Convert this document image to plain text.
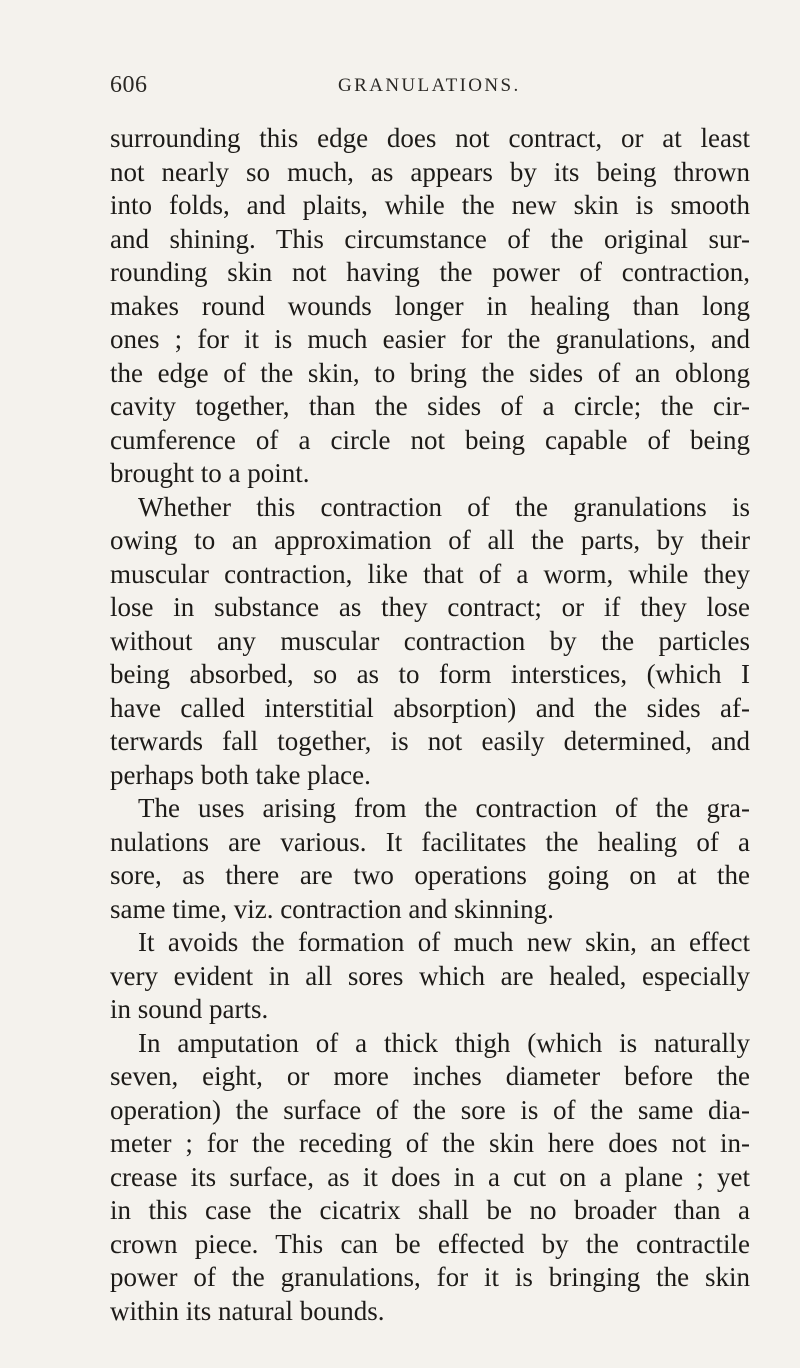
606	GRANULATIONS.
surrounding this edge does not contract, or at least
not nearly so much, as appears by its being thrown
into folds, and plaits, while the new skin is smooth
and shining. This circumstance of the original sur-
rounding skin not having the power of contraction,
makes round wounds longer in healing than long
ones ; for it is much easier for the granulations, and
the edge of the skin, to bring the sides of an oblong
cavity together, than the sides of a circle; the cir-
cumference of a circle not being capable of being
brought to a point.
Whether this contraction of the granulations is
owing to an approximation of all the parts, by their
muscular contraction, like that of a worm, while they
lose in substance as they contract; or if they lose
without any muscular contraction by the particles
being absorbed, so as to form interstices, (which I
have called interstitial absorption) and the sides af-
terwards fall together, is not easily determined, and
perhaps both take place.
The uses arising from the contraction of the gra-
nulations are various. It facilitates the healing of a
sore, as there are two operations going on at the
same time, viz. contraction and skinning.
It avoids the formation of much new skin, an effect
very evident in all sores which are healed, especially
in sound parts.
In amputation of a thick thigh (which is naturally
seven, eight, or more inches diameter before the
operation) the surface of the sore is of the same dia-
meter ; for the receding of the skin here does not in-
crease its surface, as it does in a cut on a plane ; yet
in this case the cicatrix shall be no broader than a
crown piece. This can be effected by the contractile
power of the granulations, for it is bringing the skin
within its natural bounds.
